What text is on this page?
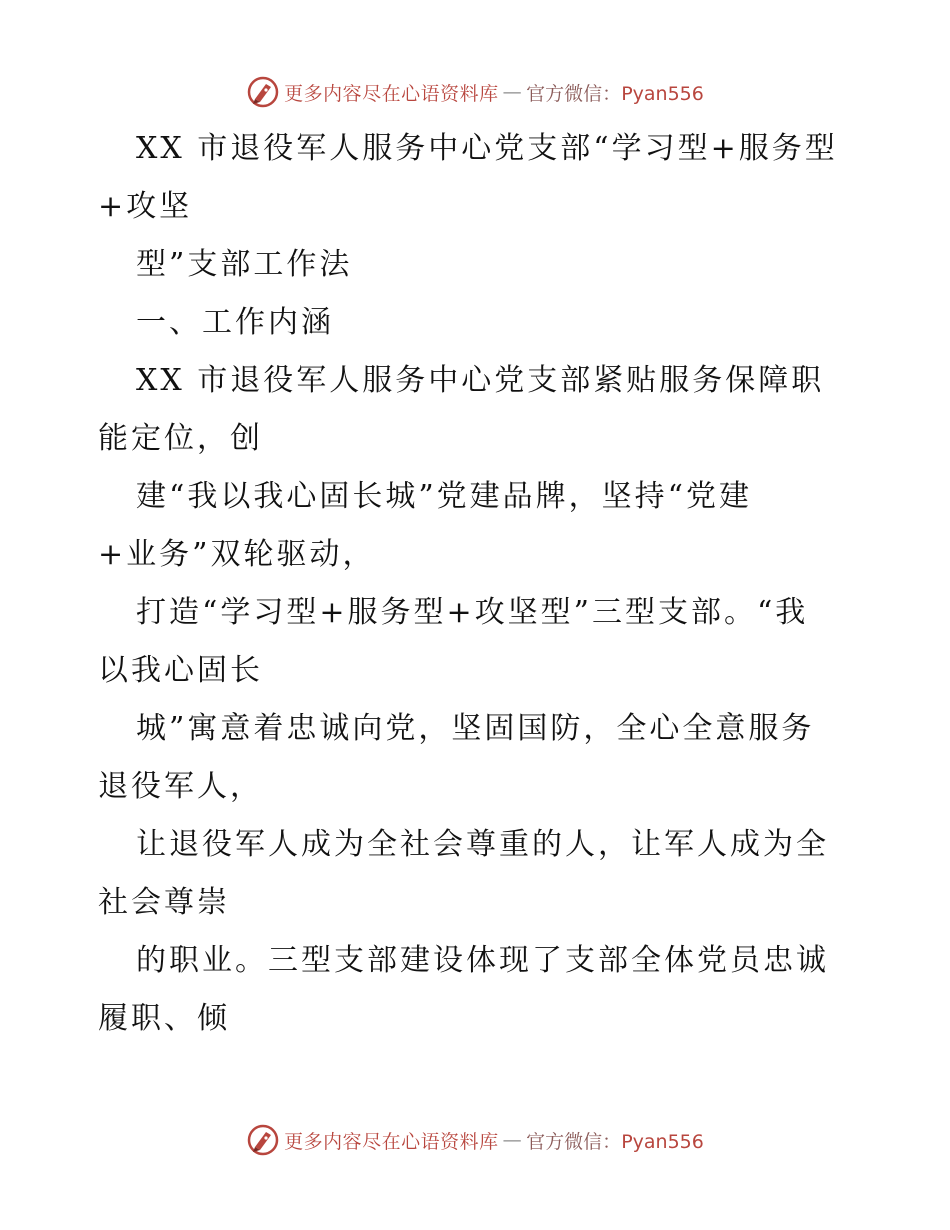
更多内容尽在心语资料库 — 官方微信：Pyan556
XX 市退役军人服务中心党支部“学习型+服务型
+攻坚
型”支部工作法
一、工作内涵
XX 市退役军人服务中心党支部紧贴服务保障职
能定位，创
建“我以我心固长城”党建品牌，坚持“党建
+业务”双轮驱动，
打造“学习型+服务型+攻坚型”三型支部。“我
以我心固长
城”寓意着忠诚向党，坚固国防，全心全意服务
退役军人，
让退役军人成为全社会尊重的人，让军人成为全
社会尊崇
的职业。三型支部建设体现了支部全体党员忠诚
履职、倾
更多内容尽在心语资料库 — 官方微信：Pyan556
